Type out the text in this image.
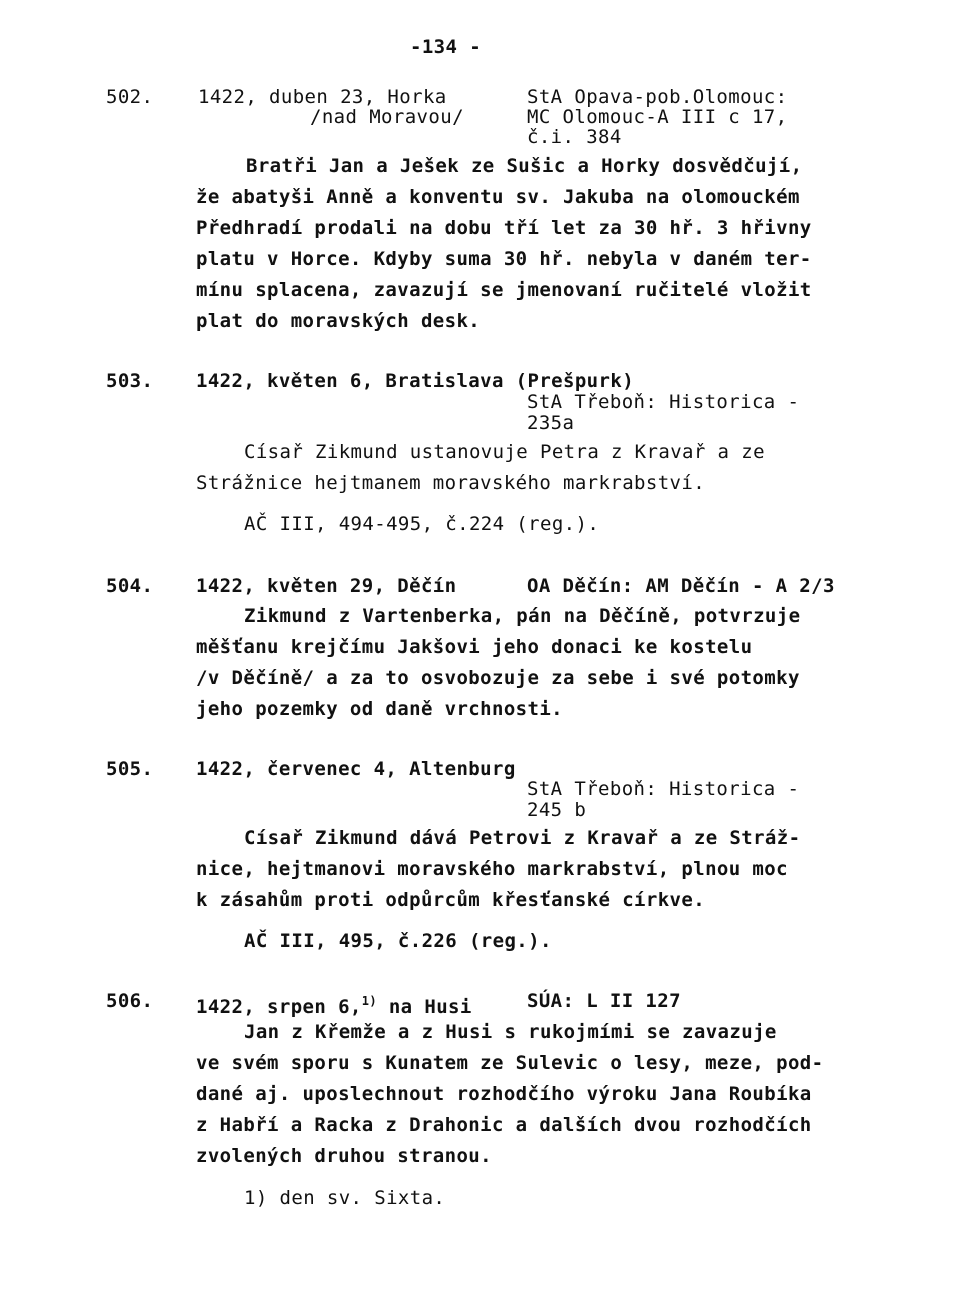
-134 -
502. 1422, duben 23, Horka
/nad Moravou/
StA Opava-pob.Olomouc:
MC Olomouc-A III c 17,
č.i. 384
Bratři Jan a Ješek ze Sušic a Horky dosvědčují,
že abatyši Anně a konventu sv. Jakuba na olomouckém
Předhradí prodali na dobu tří let za 30 hř. 3 hřivny
platu v Horce. Kdyby suma 30 hř. nebyla v daném ter-
mínu splacena, zavazují se jmenovaní ručitelé vložit
plat do moravských desk.
503. 1422, květen 6, Bratislava (Prešpurk)
StA Třeboň: Historica -
235a
Císař Zikmund ustanovuje Petra z Kravař a ze
Strážnice hejtmanem moravského markrabství.
AČ III, 494-495, č.224 (reg.).
504. 1422, květen 29, Děčín	OA Děčín: AM Děčín - A 2/3
Zikmund z Vartenberka, pán na Děčíně, potvrzuje
měšťanu krejčímu Jakšovi jeho donaci ke kostelu
/v Děčíně/ a za to osvobozuje za sebe i své potomky
jeho pozemky od daně vrchnosti.
505. 1422, červenec 4, Altenburg
StA Třeboň: Historica -
245 b
Císař Zikmund dává Petrovi z Kravař a ze Stráž-
nice, hejtmanovi moravského markrabství, plnou moc
k zásahům proti odpůrcům křesťanské církve.
AČ III, 495, č.226 (reg.).
506. 1422, srpen 6,$^{1)}$ na Husi	SÚA: L II 127
Jan z Křemže a z Husi s rukojmími se zavazuje
ve svém sporu s Kunatem ze Sulevic o lesy, meze, pod-
dané aj. uposlechnout rozhodčího výroku Jana Roubíka
z Habří a Racka z Drahonic a dalších dvou rozhodčích
zvolených druhou stranou.
1) den sv. Sixta.
